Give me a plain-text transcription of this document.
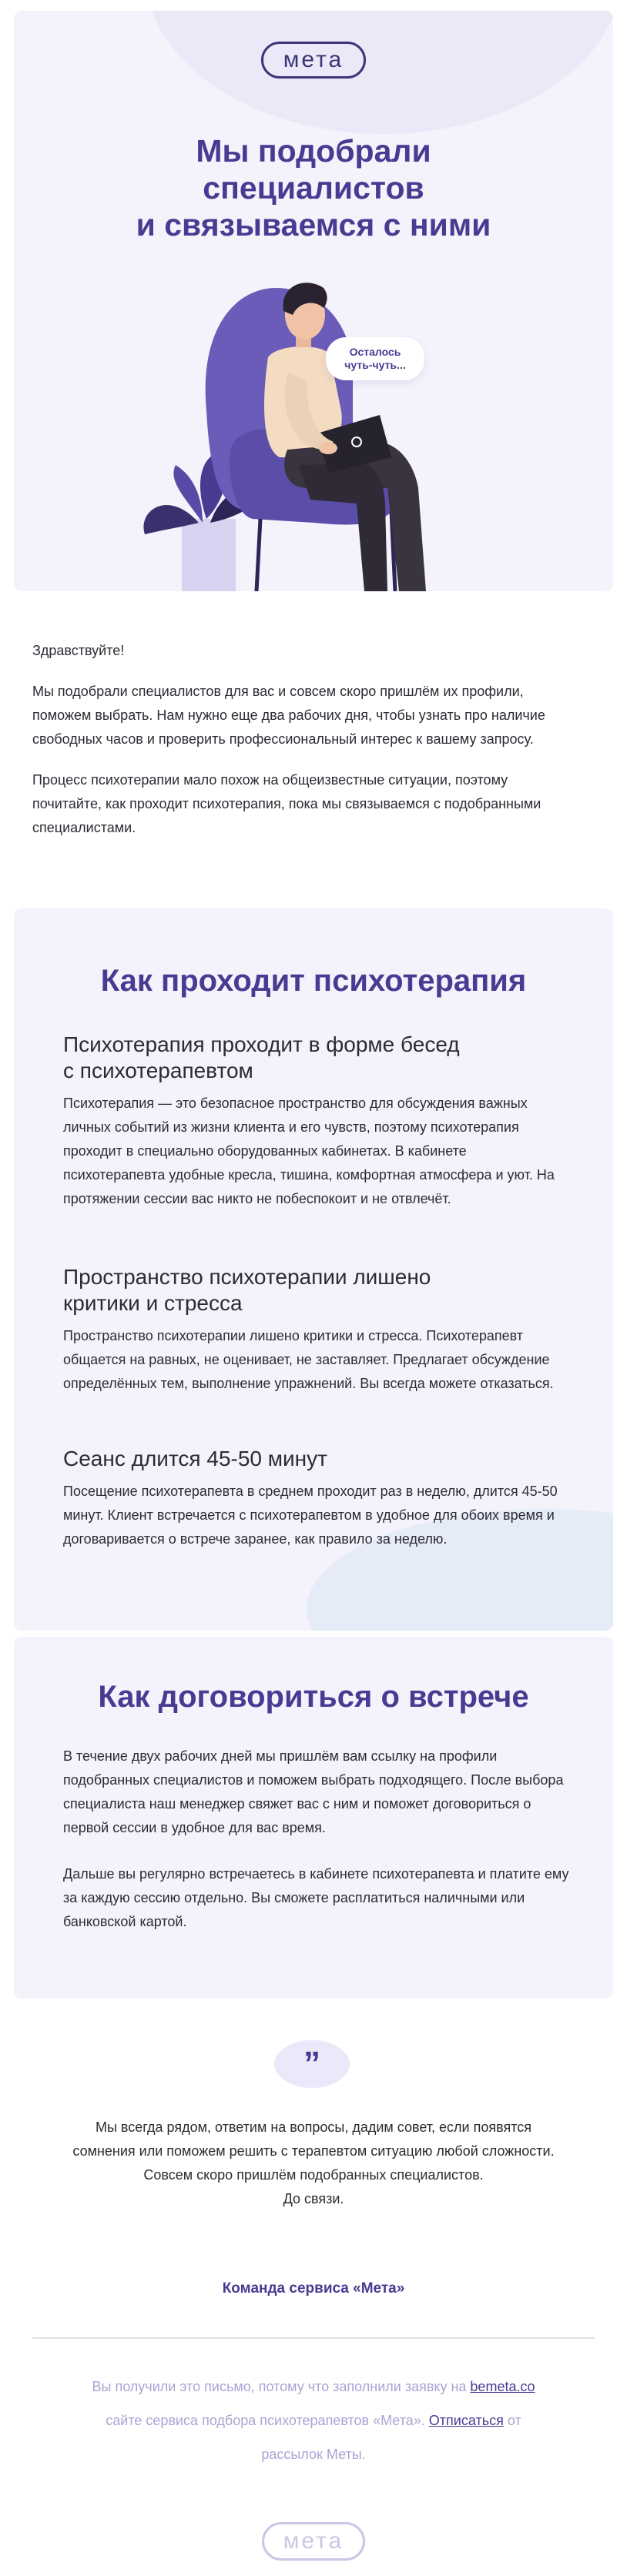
мета
Мы подобрали
специалистов
и связываемся с ними
Осталось
чуть-чуть...

Здравствуйте!

Мы подобрали специалистов для вас и совсем скоро пришлём их профили, поможем выбрать. Нам нужно еще два рабочих дня, чтобы узнать про наличие свободных часов и проверить профессиональный интерес к вашему запросу.

Процесс психотерапии мало похож на общеизвестные ситуации, поэтому почитайте, как проходит психотерапия, пока мы связываемся с подобранными специалистами.

Как проходит психотерапия
Психотерапия проходит в форме бесед
с психотерапевтом

Психотерапия — это безопасное пространство для обсуждения важных личных событий из жизни клиента и его чувств, поэтому психотерапия проходит в специально оборудованных кабинетах. В кабинете психотерапевта удобные кресла, тишина, комфортная атмосфера и уют. На протяжении сессии вас никто не побеспокоит и не отвлечёт.

Пространство психотерапии лишено
критики и стресса

Пространство психотерапии лишено критики и стресса. Психотерапевт общается на равных, не оценивает, не заставляет. Предлагает обсуждение определённых тем, выполнение упражнений. Вы всегда можете отказаться.

Сеанс длится 45-50 минут

Посещение психотерапевта в среднем проходит раз в неделю, длится 45-50 минут. Клиент встречается с психотерапевтом в удобное для обоих время и договаривается о встрече заранее, как правило за неделю.

Как договориться о встрече

В течение двух рабочих дней мы пришлём вам ссылку на профили подобранных специалистов и поможем выбрать подходящего. После выбора специалиста наш менеджер свяжет вас с ним и поможет договориться о первой сессии в удобное для вас время.

Дальше вы регулярно встречаетесь в кабинете психотерапевта и платите ему за каждую сессию отдельно. Вы сможете расплатиться наличными или банковской картой.

”
Мы всегда рядом, ответим на вопросы, дадим совет, если появятся сомнения или поможем решить с терапевтом ситуацию любой сложности. Совсем скоро пришлём подобранных специалистов.
До связи.
Команда сервиса «Мета»
Вы получили это письмо, потому что заполнили заявку на bemeta.co сайте сервиса подбора психотерапевтов «Мета». Отписаться от рассылок Меты.
мета
